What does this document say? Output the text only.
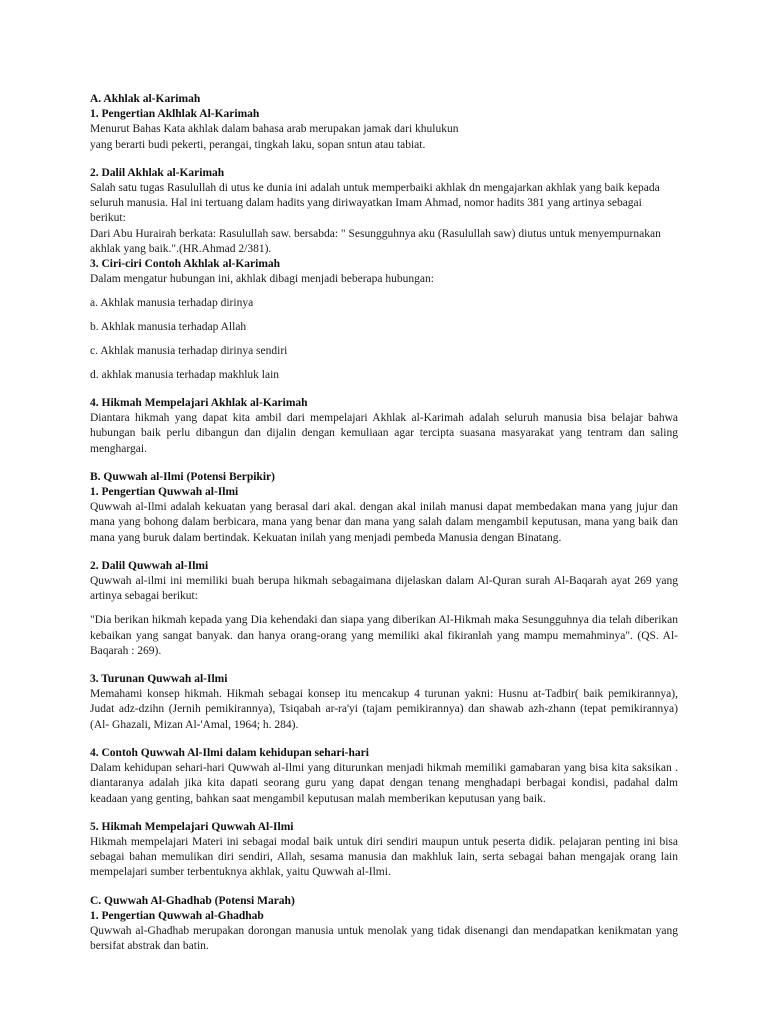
A. Akhlak al-Karimah

1. Pengertian Aklhlak Al-Karimah

Menurut Bahas Kata akhlak dalam bahasa arab merupakan jamak dari khulukun

yang berarti budi pekerti, perangai, tingkah laku, sopan sntun atau tabiat.

2. Dalil Akhlak al-Karimah

Salah satu tugas Rasulullah di utus ke dunia ini adalah untuk memperbaiki akhlak dn mengajarkan akhlak yang baik kepada seluruh manusia. Hal ini tertuang dalam hadits yang diriwayatkan Imam Ahmad, nomor hadits 381 yang artinya sebagai berikut:

Dari Abu Hurairah berkata: Rasulullah saw. bersabda: " Sesungguhnya aku (Rasulullah saw) diutus untuk menyempurnakan akhlak yang baik.".(HR.Ahmad 2/381).

3. Ciri-ciri Contoh Akhlak al-Karimah

Dalam mengatur hubungan ini, akhlak dibagi menjadi beberapa hubungan:

a. Akhlak manusia terhadap dirinya

b. Akhlak manusia terhadap Allah

c. Akhlak manusia terhadap dirinya sendiri

d. akhlak manusia terhadap makhluk lain

4. Hikmah Mempelajari Akhlak al-Karimah

Diantara hikmah yang dapat kita ambil dari mempelajari Akhlak al-Karimah adalah seluruh manusia bisa belajar bahwa hubungan baik perlu dibangun dan dijalin dengan kemuliaan agar tercipta suasana masyarakat yang tentram dan saling menghargai.

B. Quwwah al-Ilmi (Potensi Berpikir)

1. Pengertian Quwwah al-Ilmi

Quwwah al-Ilmi adalah kekuatan yang berasal dari akal. dengan akal inilah manusi dapat membedakan mana yang jujur dan mana yang bohong dalam berbicara, mana yang benar dan mana yang salah dalam mengambil keputusan, mana yang baik dan mana yang buruk dalam bertindak. Kekuatan inilah yang menjadi pembeda Manusia dengan Binatang.

2. Dalil Quwwah al-Ilmi

Quwwah al-ilmi ini memiliki buah berupa hikmah sebagaimana dijelaskan dalam Al-Quran surah Al-Baqarah ayat 269 yang artinya sebagai berikut:

"Dia berikan hikmah kepada yang Dia kehendaki dan siapa yang diberikan Al-Hikmah maka Sesungguhnya dia telah diberikan kebaikan yang sangat banyak. dan hanya orang-orang yang memiliki akal fikiranlah yang mampu memahminya". (QS. Al-Baqarah : 269).

3. Turunan Quwwah al-Ilmi

Memahami konsep hikmah. Hikmah sebagai konsep itu mencakup 4 turunan yakni: Husnu at-Tadbir( baik pemikirannya), Judat adz-dzihn (Jernih pemikirannya), Tsiqabah ar-ra'yi (tajam pemikirannya) dan shawab azh-zhann (tepat pemikirannya) (Al- Ghazali, Mizan Al-'Amal, 1964; h. 284).

4. Contoh Quwwah Al-Ilmi dalam kehidupan sehari-hari

Dalam kehidupan sehari-hari Quwwah al-Ilmi yang diturunkan menjadi hikmah memiliki gamabaran yang bisa kita saksikan . diantaranya adalah jika kita dapati seorang guru yang dapat dengan tenang menghadapi berbagai kondisi, padahal dalm keadaan yang genting, bahkan saat mengambil keputusan malah memberikan keputusan yang baik.

5. Hikmah Mempelajari Quwwah Al-Ilmi

Hikmah mempelajari Materi ini sebagai modal baik untuk diri sendiri maupun untuk peserta didik. pelajaran penting ini bisa sebagai bahan memulikan diri sendiri, Allah, sesama manusia dan makhluk lain, serta sebagai bahan mengajak orang lain mempelajari sumber terbentuknya akhlak, yaitu Quwwah al-Ilmi.

C. Quwwah Al-Ghadhab (Potensi Marah)

1. Pengertian Quwwah al-Ghadhab

Quwwah al-Ghadhab merupakan dorongan manusia untuk menolak yang tidak disenangi dan mendapatkan kenikmatan yang bersifat abstrak dan batin.
